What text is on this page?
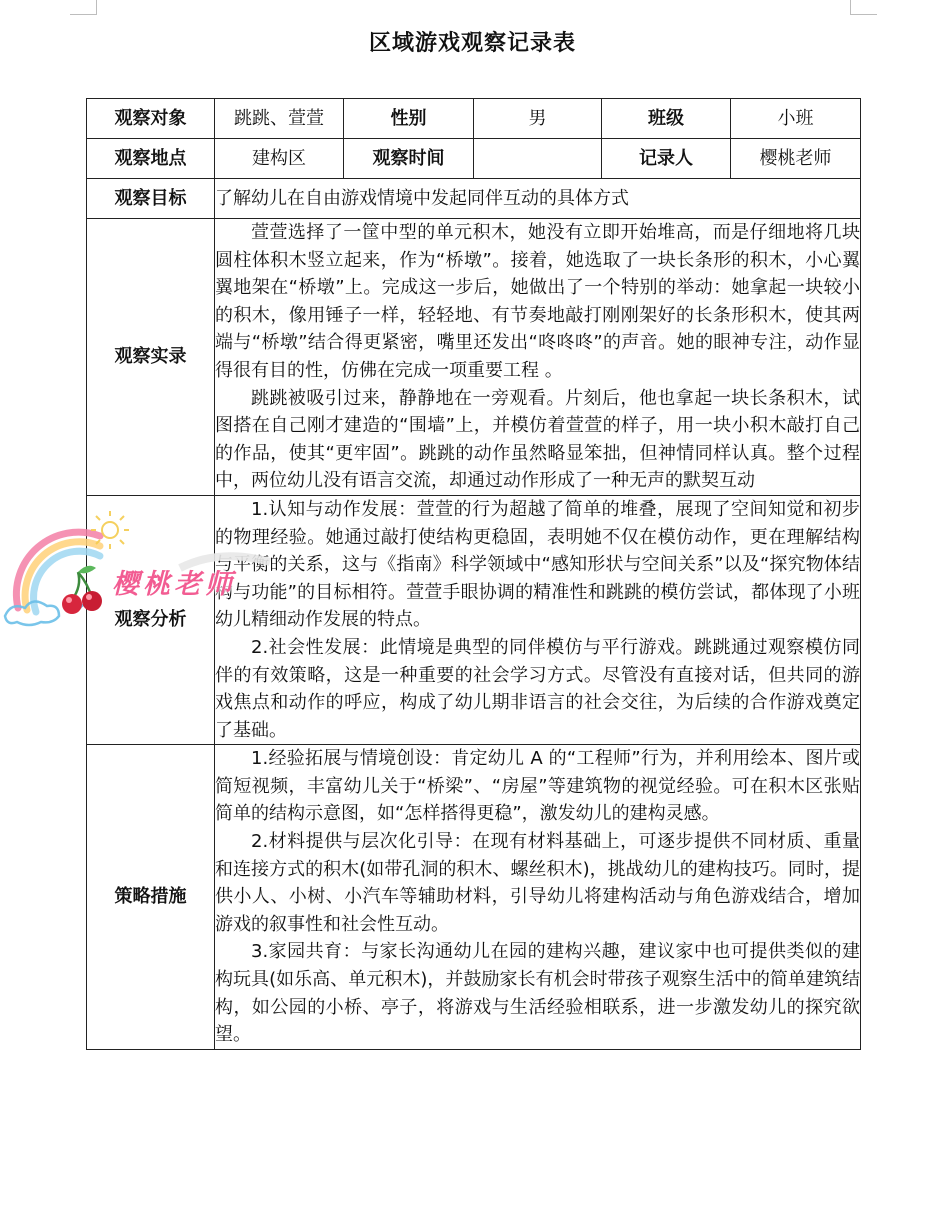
区域游戏观察记录表
观察对象	跳跳、萱萱	性别	男	班级	小班
观察地点	建构区	观察时间		记录人	樱桃老师
观察目标	了解幼儿在自由游戏情境中发起同伴互动的具体方式				
观察实录	萱萱选择了一筐中型的单元积木，她没有立即开始堆高，而是仔细地将几块圆柱体积木竖立起来，作为“桥墩”。接着，她选取了一块长条形的积木，小心翼翼地架在“桥墩”上。完成这一步后，她做出了一个特别的举动：她拿起一块较小的积木，像用锤子一样，轻轻地、有节奏地敲打刚刚架好的长条形积木，使其两端与“桥墩”结合得更紧密，嘴里还发出“咚咚咚”的声音。她的眼神专注，动作显得很有目的性，仿佛在完成一项重要工程 。

跳跳被吸引过来，静静地在一旁观看。片刻后，他也拿起一块长条积木，试图搭在自己刚才建造的“围墙”上，并模仿着萱萱的样子，用一块小积木敲打自己的作品，使其“更牢固”。跳跳的动作虽然略显笨拙，但神情同样认真。整个过程中，两位幼儿没有语言交流，却通过动作形成了一种无声的默契互动				

观察分析	1.认知与动作发展：萱萱的行为超越了简单的堆叠，展现了空间知觉和初步的物理经验。她通过敲打使结构更稳固，表明她不仅在模仿动作，更在理解结构与平衡的关系，这与《指南》科学领域中“感知形状与空间关系”以及“探究物体结构与功能”的目标相符。萱萱手眼协调的精准性和跳跳的模仿尝试，都体现了小班幼儿精细动作发展的特点。

2.社会性发展：此情境是典型的同伴模仿与平行游戏。跳跳通过观察模仿同伴的有效策略，这是一种重要的社会学习方式。尽管没有直接对话，但共同的游戏焦点和动作的呼应，构成了幼儿期非语言的社会交往，为后续的合作游戏奠定了基础。				

策略措施	1.经验拓展与情境创设：肯定幼儿 A 的“工程师”行为，并利用绘本、图片或简短视频，丰富幼儿关于“桥梁”、“房屋”等建筑物的视觉经验。可在积木区张贴简单的结构示意图，如“怎样搭得更稳”，激发幼儿的建构灵感。

2.材料提供与层次化引导：在现有材料基础上，可逐步提供不同材质、重量和连接方式的积木(如带孔洞的积木、螺丝积木)，挑战幼儿的建构技巧。同时，提供小人、小树、小汽车等辅助材料，引导幼儿将建构活动与角色游戏结合，增加游戏的叙事性和社会性互动。

3.家园共育：与家长沟通幼儿在园的建构兴趣，建议家中也可提供类似的建构玩具(如乐高、单元积木)，并鼓励家长有机会时带孩子观察生活中的简单建筑结构，如公园的小桥、亭子，将游戏与生活经验相联系，进一步激发幼儿的探究欲望。				

樱桃老师
